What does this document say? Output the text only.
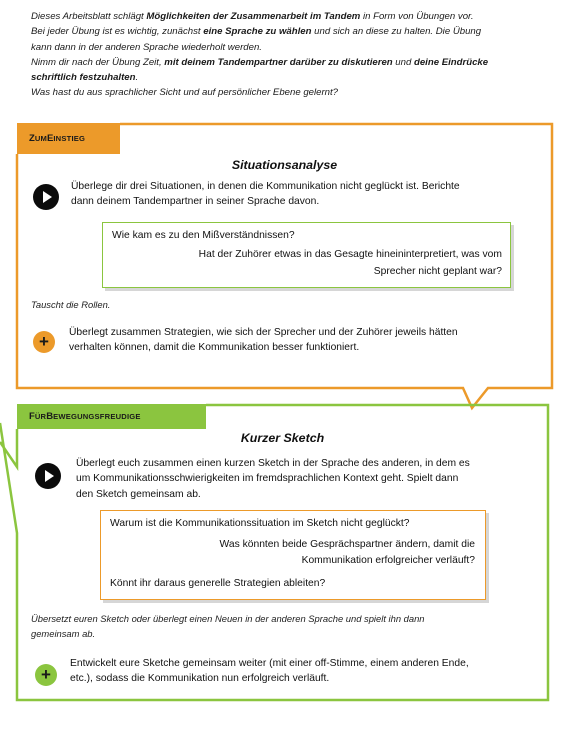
Dieses Arbeitsblatt schlägt Möglichkeiten der Zusammenarbeit im Tandem in Form von Übungen vor.
Bei jeder Übung ist es wichtig, zunächst eine Sprache zu wählen und sich an diese zu halten. Die Übung
kann dann in der anderen Sprache wiederholt werden.
Nimm dir nach der Übung Zeit, mit deinem Tandempartner darüber zu diskutieren und deine Eindrücke
schriftlich festzuhalten.
Was hast du aus sprachlicher Sicht und auf persönlicher Ebene gelernt?
Z UM E INSTIEG
Situationsanalyse
Überlege dir drei Situationen, in denen die Kommunikation nicht geglückt ist. Berichte
dann deinem Tandempartner in seiner Sprache davon.
Wie kam es zu den Mißverständnissen?
Hat der Zuhörer etwas in das Gesagte hineininterpretiert, was vom
Sprecher nicht geplant war?
Tauscht die Rollen.
+	Überlegt zusammen Strategien, wie sich der Sprecher und der Zuhörer jeweils hätten
verhalten können, damit die Kommunikation besser funktioniert.
F ÜR B EWEGUNGSFREUDIGE
Kurzer Sketch
Überlegt euch zusammen einen kurzen Sketch in der Sprache des anderen, in dem es
um Kommunikationsschwierigkeiten im fremdsprachlichen Kontext geht. Spielt dann
den Sketch gemeinsam ab.
Warum ist die Kommunikationssituation im Sketch nicht geglückt?
Was könnten beide Gesprächspartner ändern, damit die
Kommunikation erfolgreicher verläuft?
Könnt ihr daraus generelle Strategien ableiten?
Übersetzt euren Sketch oder überlegt einen Neuen in der anderen Sprache und spielt ihn dann
gemeinsam ab.
+
Entwickelt eure Sketche gemeinsam weiter (mit einer off-Stimme, einem anderen Ende,
etc.), sodass die Kommunikation nun erfolgreich verläuft.
